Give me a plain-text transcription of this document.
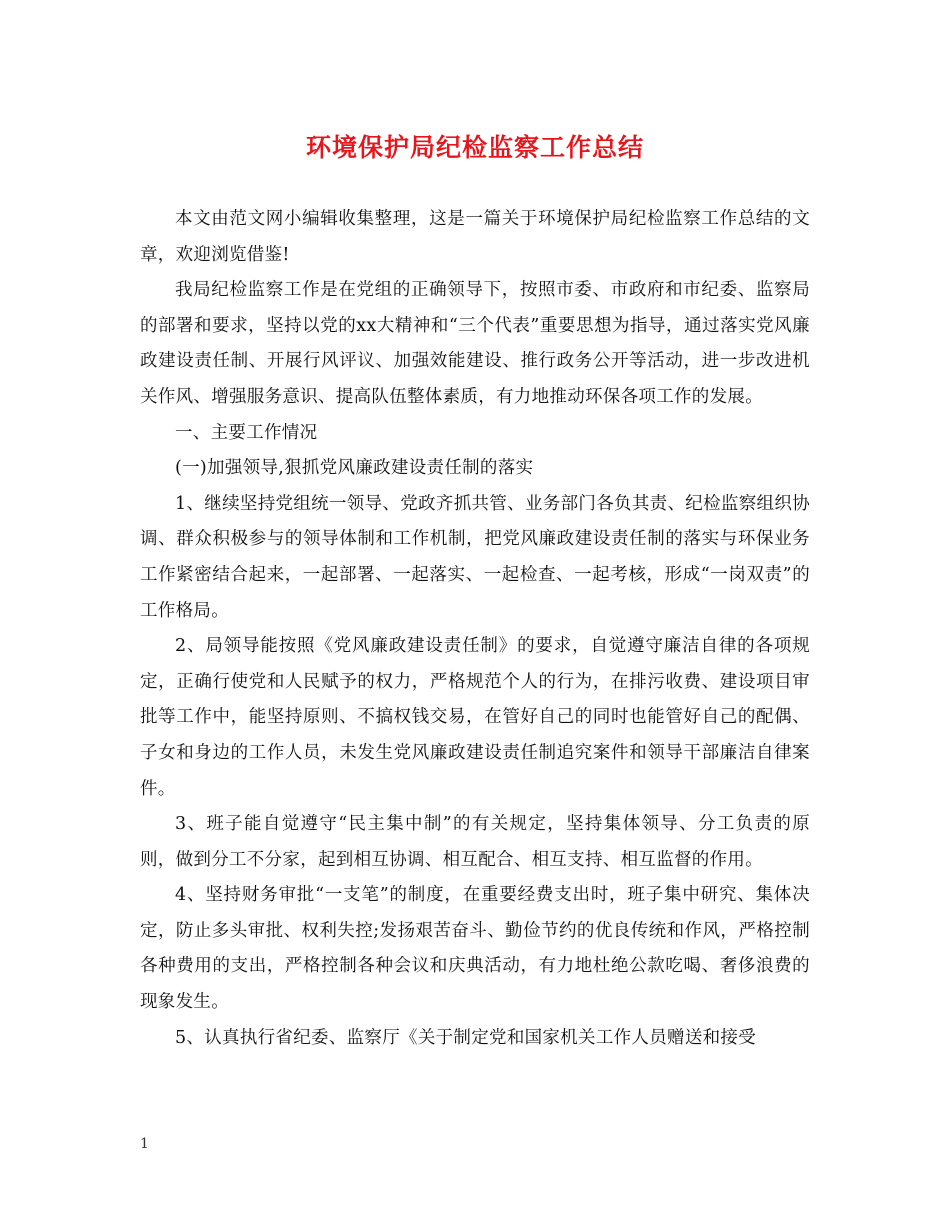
环境保护局纪检监察工作总结

本文由范文网小编辑收集整理，这是一篇关于环境保护局纪检监察工作总结的文章，欢迎浏览借鉴!

我局纪检监察工作是在党组的正确领导下，按照市委、市政府和市纪委、监察局的部署和要求，坚持以党的xx大精神和“三个代表”重要思想为指导，通过落实党风廉政建设责任制、开展行风评议、加强效能建设、推行政务公开等活动，进一步改进机关作风、增强服务意识、提高队伍整体素质，有力地推动环保各项工作的发展。

一、主要工作情况

(一)加强领导,狠抓党风廉政建设责任制的落实

1、继续坚持党组统一领导、党政齐抓共管、业务部门各负其责、纪检监察组织协调、群众积极参与的领导体制和工作机制，把党风廉政建设责任制的落实与环保业务工作紧密结合起来，一起部署、一起落实、一起检查、一起考核，形成“一岗双责”的工作格局。

2、局领导能按照《党风廉政建设责任制》的要求，自觉遵守廉洁自律的各项规定，正确行使党和人民赋予的权力，严格规范个人的行为，在排污收费、建设项目审批等工作中，能坚持原则、不搞权钱交易，在管好自己的同时也能管好自己的配偶、子女和身边的工作人员，未发生党风廉政建设责任制追究案件和领导干部廉洁自律案件。

3、班子能自觉遵守“民主集中制”的有关规定，坚持集体领导、分工负责的原则，做到分工不分家，起到相互协调、相互配合、相互支持、相互监督的作用。

4、坚持财务审批“一支笔”的制度，在重要经费支出时，班子集中研究、集体决定，防止多头审批、权利失控;发扬艰苦奋斗、勤俭节约的优良传统和作风，严格控制各种费用的支出，严格控制各种会议和庆典活动，有力地杜绝公款吃喝、奢侈浪费的现象发生。

5、认真执行省纪委、监察厅《关于制定党和国家机关工作人员赠送和接受

1
